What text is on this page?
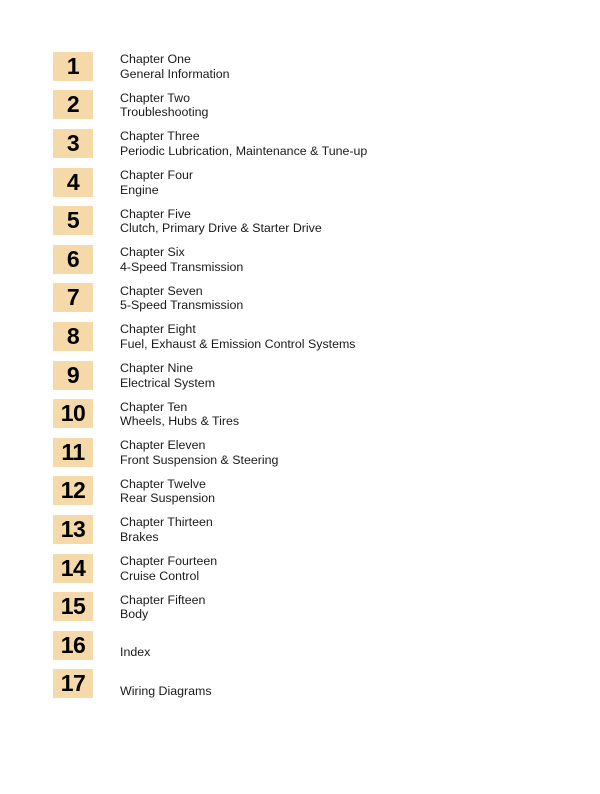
1	Chapter One
General Information
2	Chapter Two
Troubleshooting
3	Chapter Three
Periodic Lubrication, Maintenance & Tune-up
4	Chapter Four
Engine
5	Chapter Five
Clutch, Primary Drive & Starter Drive
6	Chapter Six
4-Speed Transmission
7	Chapter Seven
5-Speed Transmission
8	Chapter Eight
Fuel, Exhaust & Emission Control Systems
9	Chapter Nine
Electrical System
10	Chapter Ten
Wheels, Hubs & Tires
11	Chapter Eleven
Front Suspension & Steering
12	Chapter Twelve
Rear Suspension
13	Chapter Thirteen
Brakes
14	Chapter Fourteen
Cruise Control
15	Chapter Fifteen
Body
16	Index
17	Wiring Diagrams
